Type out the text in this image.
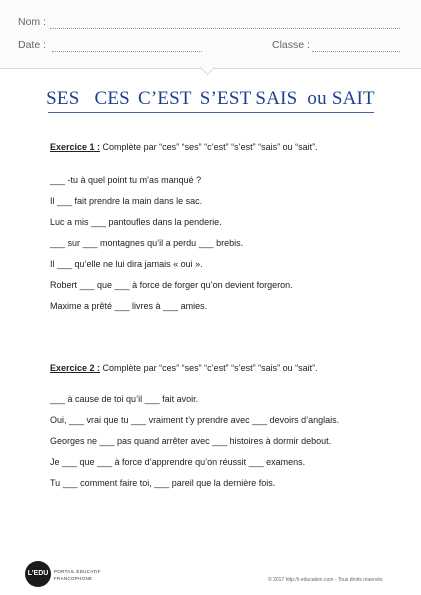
Nom :
Date :	Classe :
SES CES C’EST S’EST SAIS ou SAIT
Exercice 1 : Complète par “ces” “ses” “c’est” “s’est” “sais” ou “sait”.
___ -tu à quel point tu m’as manqué ?
Il ___ fait prendre la main dans le sac.
Luc a mis ___ pantoufles dans la penderie.
___ sur ___ montagnes qu’il a perdu ___ brebis.
Il ___ qu’elle ne lui dira jamais « oui ».
Robert ___ que ___ à force de forger qu’on devient forgeron.
Maxime a prêté ___ livres à ___ amies.
Exercice 2 : Complète par “ces” “ses” “c’est” “s’est” “sais” ou “sait”.
___ à cause de toi qu’il ___ fait avoir.
Oui, ___ vrai que tu ___ vraiment t’y prendre avec ___ devoirs d’anglais.
Georges ne ___ pas quand arrêter avec ___ histoires à dormir debout.
Je ___ que ___ à force d’apprendre qu’on réussit ___ examens.
Tu ___ comment faire toi, ___ pareil que la dernière fois.
L’EDU	PORTAIL EDUCATIF
FRANCOPHONE	© 2017 http://i-education.com - Tous droits réservés
